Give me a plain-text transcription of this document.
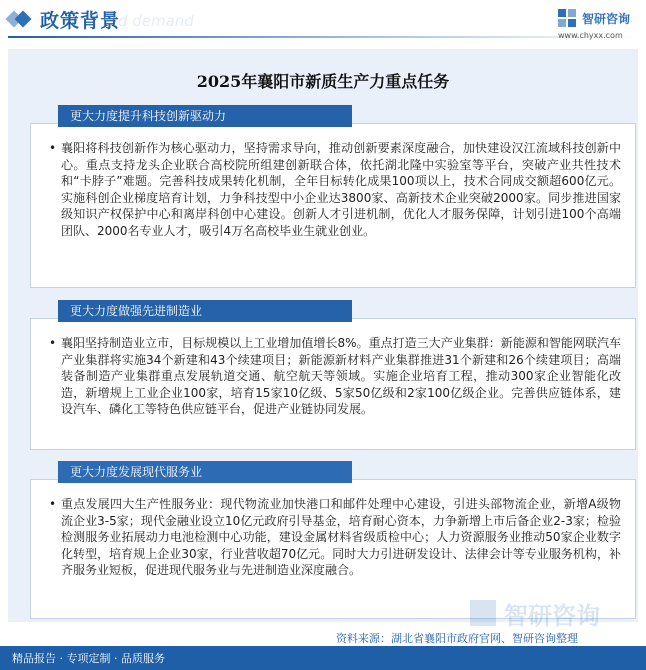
d demand
政策背景	智研咨询
www.chyxx.com
2025年襄阳市新质生产力重点任务

• 襄阳将科技创新作为核心驱动力，坚持需求导向，推动创新要素深度融合，加快建设汉江流域科技创新中心。重点支持龙头企业联合高校院所组建创新联合体，依托湖北隆中实验室等平台，突破产业共性技术和“卡脖子”难题。完善科技成果转化机制，全年目标转化成果100项以上，技术合同成交额超600亿元。实施科创企业梯度培育计划，力争科技型中小企业达3800家、高新技术企业突破2000家。同步推进国家级知识产权保护中心和离岸科创中心建设。创新人才引进机制，优化人才服务保障，计划引进100个高端团队、2000名专业人才，吸引4万名高校毕业生就业创业。

更大力度提升科技创新驱动力

• 襄阳坚持制造业立市，目标规模以上工业增加值增长8%。重点打造三大产业集群：新能源和智能网联汽车产业集群将实施34个新建和43个续建项目；新能源新材料产业集群推进31个新建和26个续建项目；高端装备制造产业集群重点发展轨道交通、航空航天等领域。实施企业培育工程，推动300家企业智能化改造，新增规上工业企业100家，培育15家10亿级、5家50亿级和2家100亿级企业。完善供应链体系，建设汽车、磷化工等特色供应链平台，促进产业链协同发展。

更大力度做强先进制造业

• 重点发展四大生产性服务业：现代物流业加快港口和邮件处理中心建设，引进头部物流企业，新增A级物流企业3-5家；现代金融业设立10亿元政府引导基金，培育耐心资本，力争新增上市后备企业2-3家；检验检测服务业拓展动力电池检测中心功能，建设金属材料省级质检中心；人力资源服务业推动50家企业数字化转型，培育规上企业30家，行业营收超70亿元。同时大力引进研发设计、法律会计等专业服务机构，补齐服务业短板，促进现代服务业与先进制造业深度融合。

更大力度发展现代服务业
智研咨询
资料来源：湖北省襄阳市政府官网、智研咨询整理
精品报告 · 专项定制 · 品质服务
